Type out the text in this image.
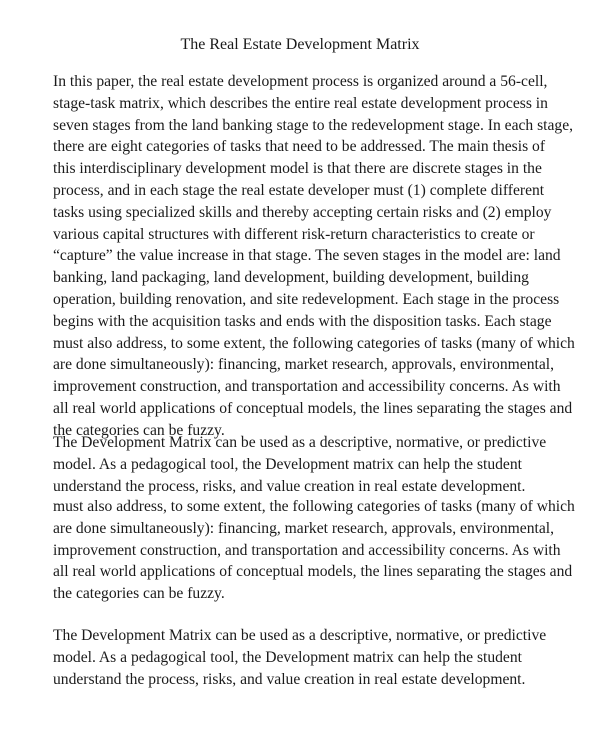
The Real Estate Development Matrix
In this paper, the real estate development process is organized around a 56-cell,
stage-task matrix, which describes the entire real estate development process in
seven stages from the land banking stage to the redevelopment stage. In each stage,
there are eight categories of tasks that need to be addressed. The main thesis of
this interdisciplinary development model is that there are discrete stages in the
process, and in each stage the real estate developer must (1) complete different
tasks using specialized skills and thereby accepting certain risks and (2) employ
various capital structures with different risk-return characteristics to create or
“capture” the value increase in that stage. The seven stages in the model are: land
banking, land packaging, land development, building development, building
operation, building renovation, and site redevelopment. Each stage in the process
begins with the acquisition tasks and ends with the disposition tasks. Each stage
must also address, to some extent, the following categories of tasks (many of which
are done simultaneously): financing, market research, approvals, environmental,
improvement construction, and transportation and accessibility concerns. As with
all real world applications of conceptual models, the lines separating the stages and
the categories can be fuzzy.
The Development Matrix can be used as a descriptive, normative, or predictive
model. As a pedagogical tool, the Development matrix can help the student
understand the process, risks, and value creation in real estate development.
must also address, to some extent, the following categories of tasks (many of which
are done simultaneously): financing, market research, approvals, environmental,
improvement construction, and transportation and accessibility concerns. As with
all real world applications of conceptual models, the lines separating the stages and
the categories can be fuzzy.
The Development Matrix can be used as a descriptive, normative, or predictive
model. As a pedagogical tool, the Development matrix can help the student
understand the process, risks, and value creation in real estate development.
